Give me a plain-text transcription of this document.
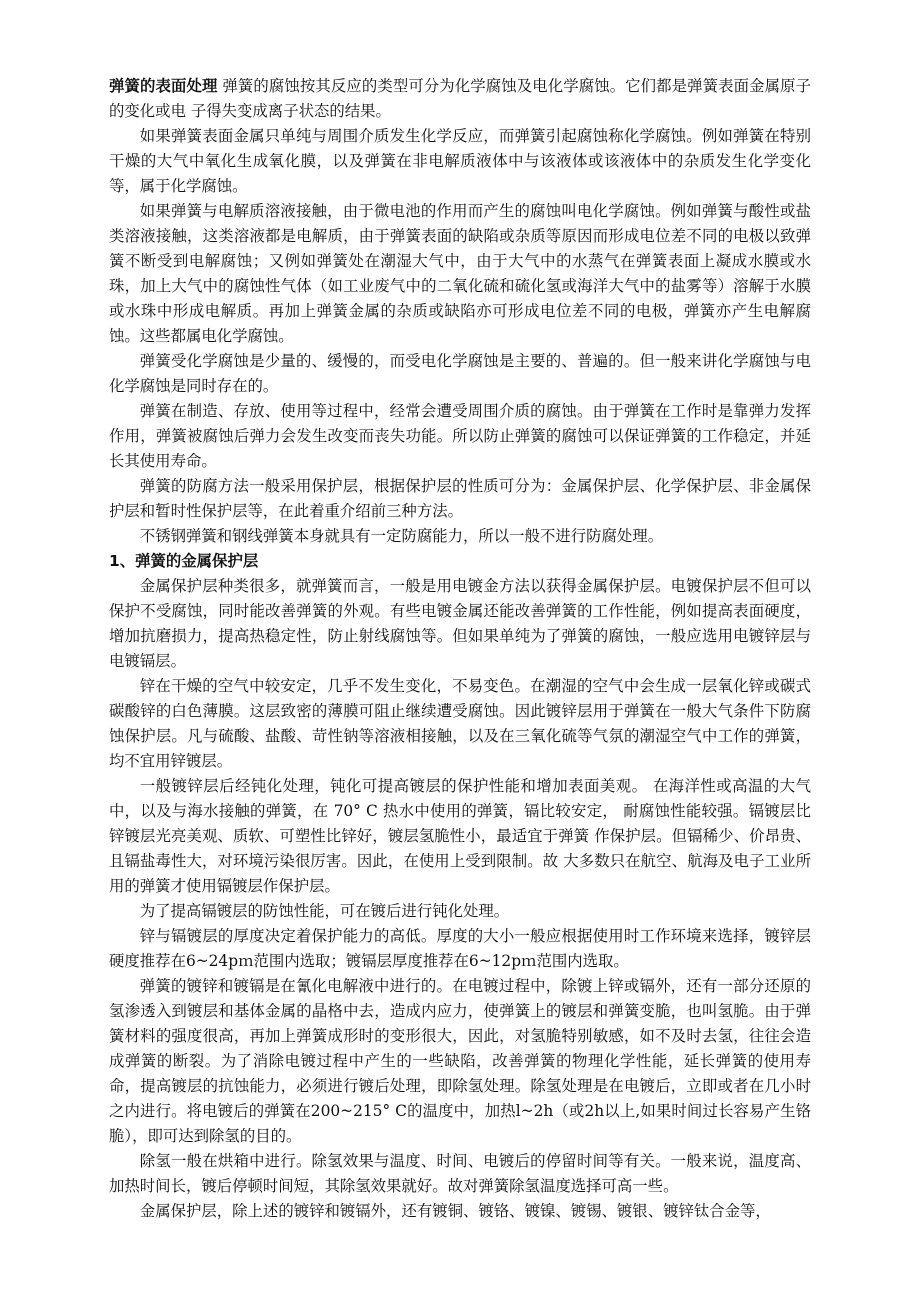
弹簧的表面处理 弹簧的腐蚀按其反应的类型可分为化学腐蚀及电化学腐蚀。它们都是弹簧表面金属原子的变化或电 子得失变成离子状态的结果。

如果弹簧表面金属只单纯与周围介质发生化学反应，而弹簧引起腐蚀称化学腐蚀。例如弹簧在特别干燥的大气中氧化生成氧化膜，以及弹簧在非电解质液体中与该液体或该液体中的杂质发生化学变化等，属于化学腐蚀。

如果弹簧与电解质溶液接触，由于微电池的作用而产生的腐蚀叫电化学腐蚀。例如弹簧与酸性或盐类溶液接触，这类溶液都是电解质，由于弹簧表面的缺陷或杂质等原因而形成电位差不同的电极以致弹簧不断受到电解腐蚀；又例如弹簧处在潮湿大气中，由于大气中的水蒸气在弹簧表面上凝成水膜或水珠，加上大气中的腐蚀性气体（如工业废气中的二氧化硫和硫化氢或海洋大气中的盐雾等）溶解于水膜或水珠中形成电解质。再加上弹簧金属的杂质或缺陷亦可形成电位差不同的电极，弹簧亦产生电解腐蚀。这些都属电化学腐蚀。

弹簧受化学腐蚀是少量的、缓慢的，而受电化学腐蚀是主要的、普遍的。但一般来讲化学腐蚀与电化学腐蚀是同时存在的。

弹簧在制造、存放、使用等过程中，经常会遭受周围介质的腐蚀。由于弹簧在工作时是靠弹力发挥作用，弹簧被腐蚀后弹力会发生改变而丧失功能。所以防止弹簧的腐蚀可以保证弹簧的工作稳定，并延长其使用寿命。

弹簧的防腐方法一般采用保护层，根据保护层的性质可分为：金属保护层、化学保护层、非金属保护层和暂时性保护层等，在此着重介绍前三种方法。

不锈钢弹簧和钢线弹簧本身就具有一定防腐能力，所以一般不进行防腐处理。

1、弹簧的金属保护层

金属保护层种类很多，就弹簧而言，一般是用电镀金方法以获得金属保护层。电镀保护层不但可以保护不受腐蚀，同时能改善弹簧的外观。有些电镀金属还能改善弹簧的工作性能，例如提高表面硬度，增加抗磨损力，提高热稳定性，防止射线腐蚀等。但如果单纯为了弹簧的腐蚀，一般应选用电镀锌层与电镀镉层。

锌在干燥的空气中较安定，几乎不发生变化，不易变色。在潮湿的空气中会生成一层氧化锌或碳式碳酸锌的白色薄膜。这层致密的薄膜可阻止继续遭受腐蚀。因此镀锌层用于弹簧在一般大气条件下防腐蚀保护层。凡与硫酸、盐酸、苛性钠等溶液相接触，以及在三氧化硫等气氛的潮湿空气中工作的弹簧，均不宜用锌镀层。

一般镀锌层后经钝化处理，钝化可提高镀层的保护性能和增加表面美观。 在海洋性或高温的大气中，以及与海水接触的弹簧，在 70° C 热水中使用的弹簧，镉比较安定， 耐腐蚀性能较强。镉镀层比锌镀层光亮美观、质软、可塑性比锌好，镀层氢脆性小，最适宜于弹簧 作保护层。但镉稀少、价昂贵、且镉盐毒性大，对环境污染很厉害。因此，在使用上受到限制。故 大多数只在航空、航海及电子工业所用的弹簧才使用镉镀层作保护层。

为了提高镉镀层的防蚀性能，可在镀后进行钝化处理。

锌与镉镀层的厚度决定着保护能力的高低。厚度的大小一般应根据使用时工作环境来选择，镀锌层硬度推荐在6~24pｍ范围内选取；镀镉层厚度推荐在6~12pｍ范围内选取。

弹簧的镀锌和镀镉是在氰化电解液中进行的。在电镀过程中，除镀上锌或镉外，还有一部分还原的氢渗透入到镀层和基体金属的晶格中去，造成内应力，使弹簧上的镀层和弹簧变脆，也叫氢脆。由于弹簧材料的强度很高，再加上弹簧成形时的变形很大，因此，对氢脆特别敏感，如不及时去氢，往往会造成弹簧的断裂。为了消除电镀过程中产生的一些缺陷，改善弹簧的物理化学性能，延长弹簧的使用寿命，提高镀层的抗蚀能力，必须进行镀后处理，即除氢处理。除氢处理是在电镀后，立即或者在几小时之内进行。将电镀后的弹簧在200~215° C的温度中，加热l~2h（或2h以上,如果时间过长容易产生铬脆），即可达到除氢的目的。

除氢一般在烘箱中进行。除氢效果与温度、时间、电镀后的停留时间等有关。一般来说，温度高、加热时间长，镀后停顿时间短，其除氢效果就好。故对弹簧除氢温度选择可高一些。

金属保护层，除上述的镀锌和镀镉外，还有镀铜、镀铬、镀镍、镀锡、镀银、镀锌钛合金等，
